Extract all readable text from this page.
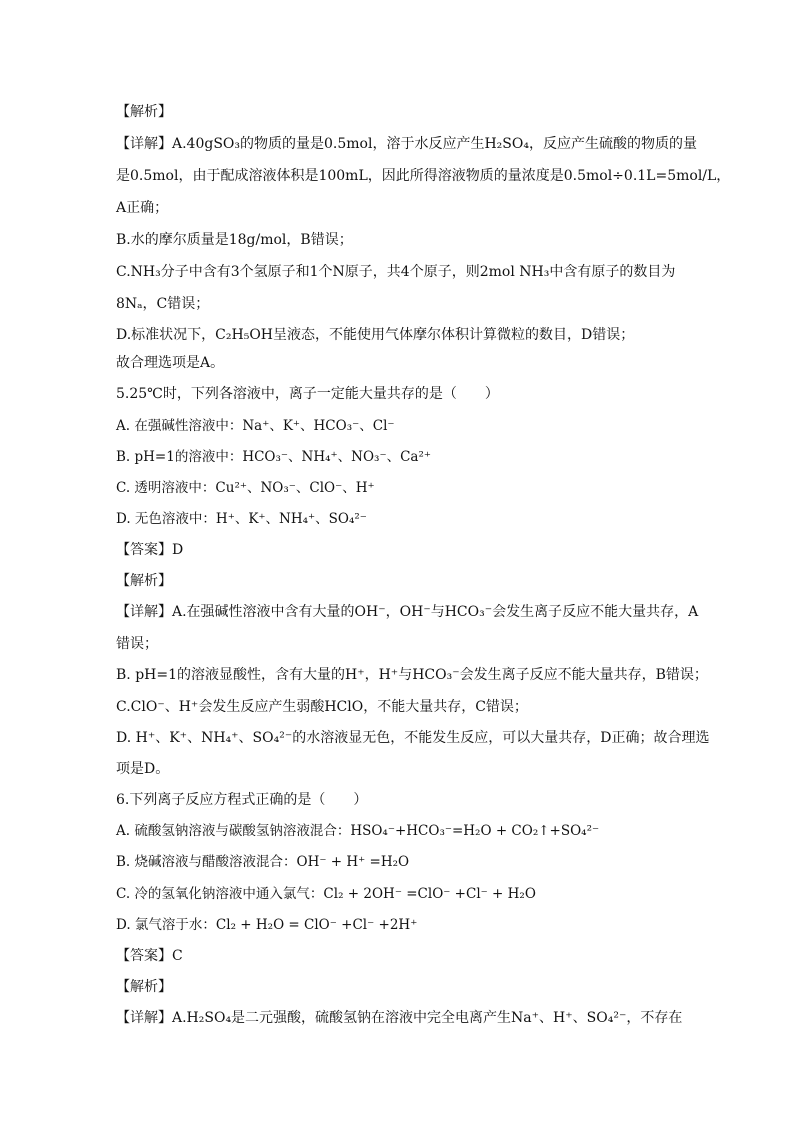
【解析】

【详解】A.40gSO₃的物质的量是0.5mol，溶于水反应产生H₂SO₄，反应产生硫酸的物质的量

是0.5mol，由于配成溶液体积是100mL，因此所得溶液物质的量浓度是0.5mol÷0.1L=5mol/L，

A正确；

B.水的摩尔质量是18g/mol，B错误；

C.NH₃分子中含有3个氢原子和1个N原子，共4个原子，则2mol NH₃中含有原子的数目为

8Nₐ，C错误；

D.标准状况下，C₂H₅OH呈液态，不能使用气体摩尔体积计算微粒的数目，D错误；

故合理选项是A。

5.25℃时，下列各溶液中，离子一定能大量共存的是（　　）

A. 在强碱性溶液中：Na⁺、K⁺、HCO₃⁻、Cl⁻

B. pH=1的溶液中：HCO₃⁻、NH₄⁺、NO₃⁻、Ca²⁺

C. 透明溶液中：Cu²⁺、NO₃⁻、ClO⁻、H⁺

D. 无色溶液中：H⁺、K⁺、NH₄⁺、SO₄²⁻

【答案】D

【解析】

【详解】A.在强碱性溶液中含有大量的OH⁻，OH⁻与HCO₃⁻会发生离子反应不能大量共存，A

错误；

B. pH=1的溶液显酸性，含有大量的H⁺，H⁺与HCO₃⁻会发生离子反应不能大量共存，B错误；

C.ClO⁻、H⁺会发生反应产生弱酸HClO，不能大量共存，C错误；

D. H⁺、K⁺、NH₄⁺、SO₄²⁻的水溶液显无色，不能发生反应，可以大量共存，D正确；故合理选

项是D。

6.下列离子反应方程式正确的是（　　）

A. 硫酸氢钠溶液与碳酸氢钠溶液混合：HSO₄⁻+HCO₃⁻=H₂O + CO₂↑+SO₄²⁻

B. 烧碱溶液与醋酸溶液混合：OH⁻ + H⁺ =H₂O

C. 冷的氢氧化钠溶液中通入氯气：Cl₂ + 2OH⁻ =ClO⁻ +Cl⁻ + H₂O

D. 氯气溶于水：Cl₂ + H₂O = ClO⁻ +Cl⁻ +2H⁺

【答案】C

【解析】

【详解】A.H₂SO₄是二元强酸，硫酸氢钠在溶液中完全电离产生Na⁺、H⁺、SO₄²⁻，不存在
